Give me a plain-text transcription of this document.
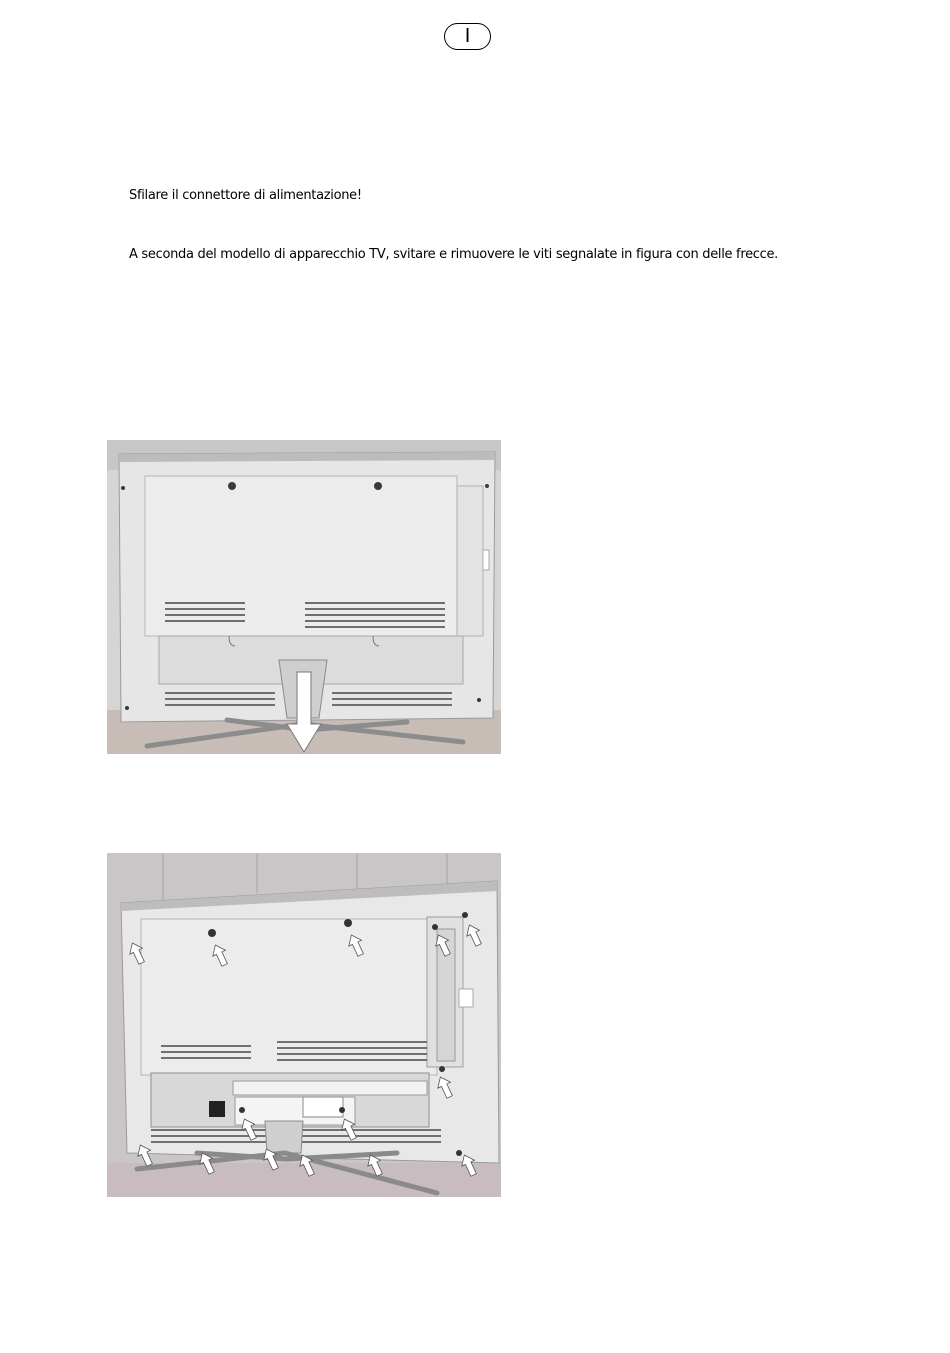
I
Sfilare il connettore di alimentazione!
A seconda del modello di apparecchio TV, svitare e rimuovere le viti segnalate in figura con delle frecce.
